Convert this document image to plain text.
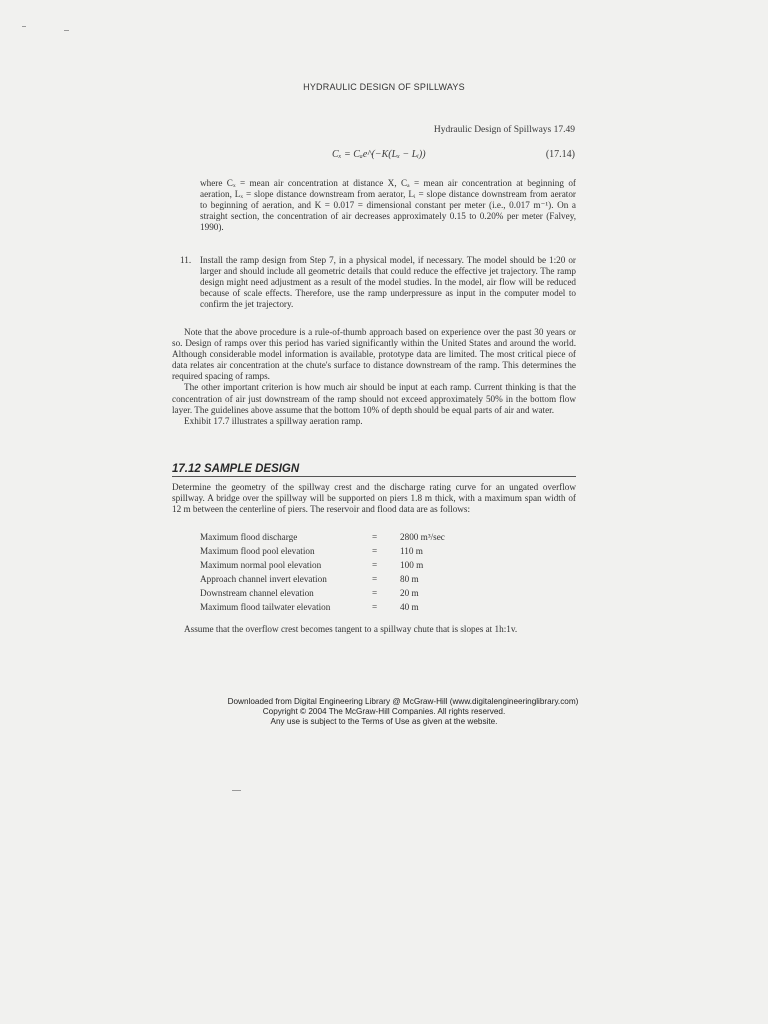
HYDRAULIC DESIGN OF SPILLWAYS
Hydraulic Design of Spillways 17.49
Cₓ = Cₐe^(−K(Lₓ − Lᵢ))	(17.14)

where Cₓ = mean air concentration at distance X, Cₐ = mean air concentration at beginning of aeration, Lₓ = slope distance downstream from aerator, Lᵢ = slope distance downstream from aerator to beginning of aeration, and K = 0.017 = dimensional constant per meter (i.e., 0.017 m⁻¹). On a straight section, the concentration of air decreases approximately 0.15 to 0.20% per meter (Falvey, 1990).

11. Install the ramp design from Step 7, in a physical model, if necessary. The model should be 1:20 or larger and should include all geometric details that could reduce the effective jet trajectory. The ramp design might need adjustment as a result of the model studies. In the model, air flow will be reduced because of scale effects. Therefore, use the ramp underpressure as input in the computer model to confirm the jet trajectory.

Note that the above procedure is a rule-of-thumb approach based on experience over the past 30 years or so. Design of ramps over this period has varied significantly within the United States and around the world. Although considerable model information is available, prototype data are limited. The most critical piece of data relates air concentration at the chute's surface to distance downstream of the ramp. This determines the required spacing of ramps.

The other important criterion is how much air should be input at each ramp. Current thinking is that the concentration of air just downstream of the ramp should not exceed approximately 50% in the bottom flow layer. The guidelines above assume that the bottom 10% of depth should be equal parts of air and water.

Exhibit 17.7 illustrates a spillway aeration ramp.

17.12 SAMPLE DESIGN

Determine the geometry of the spillway crest and the discharge rating curve for an ungated overflow spillway. A bridge over the spillway will be supported on piers 1.8 m thick, with a maximum span width of 12 m between the centerline of piers. The reservoir and flood data are as follows:

Maximum flood discharge	=	2800 m³/sec
Maximum flood pool elevation	=	110 m
Maximum normal pool elevation	=	100 m
Approach channel invert elevation	=	80 m
Downstream channel elevation	=	20 m
Maximum flood tailwater elevation	=	40 m

Assume that the overflow crest becomes tangent to a spillway chute that is slopes at 1h:1v.

Downloaded from Digital Engineering Library @ McGraw-Hill (www.digitalengineeringlibrary.com)
Copyright © 2004 The McGraw-Hill Companies. All rights reserved.
Any use is subject to the Terms of Use as given at the website.
